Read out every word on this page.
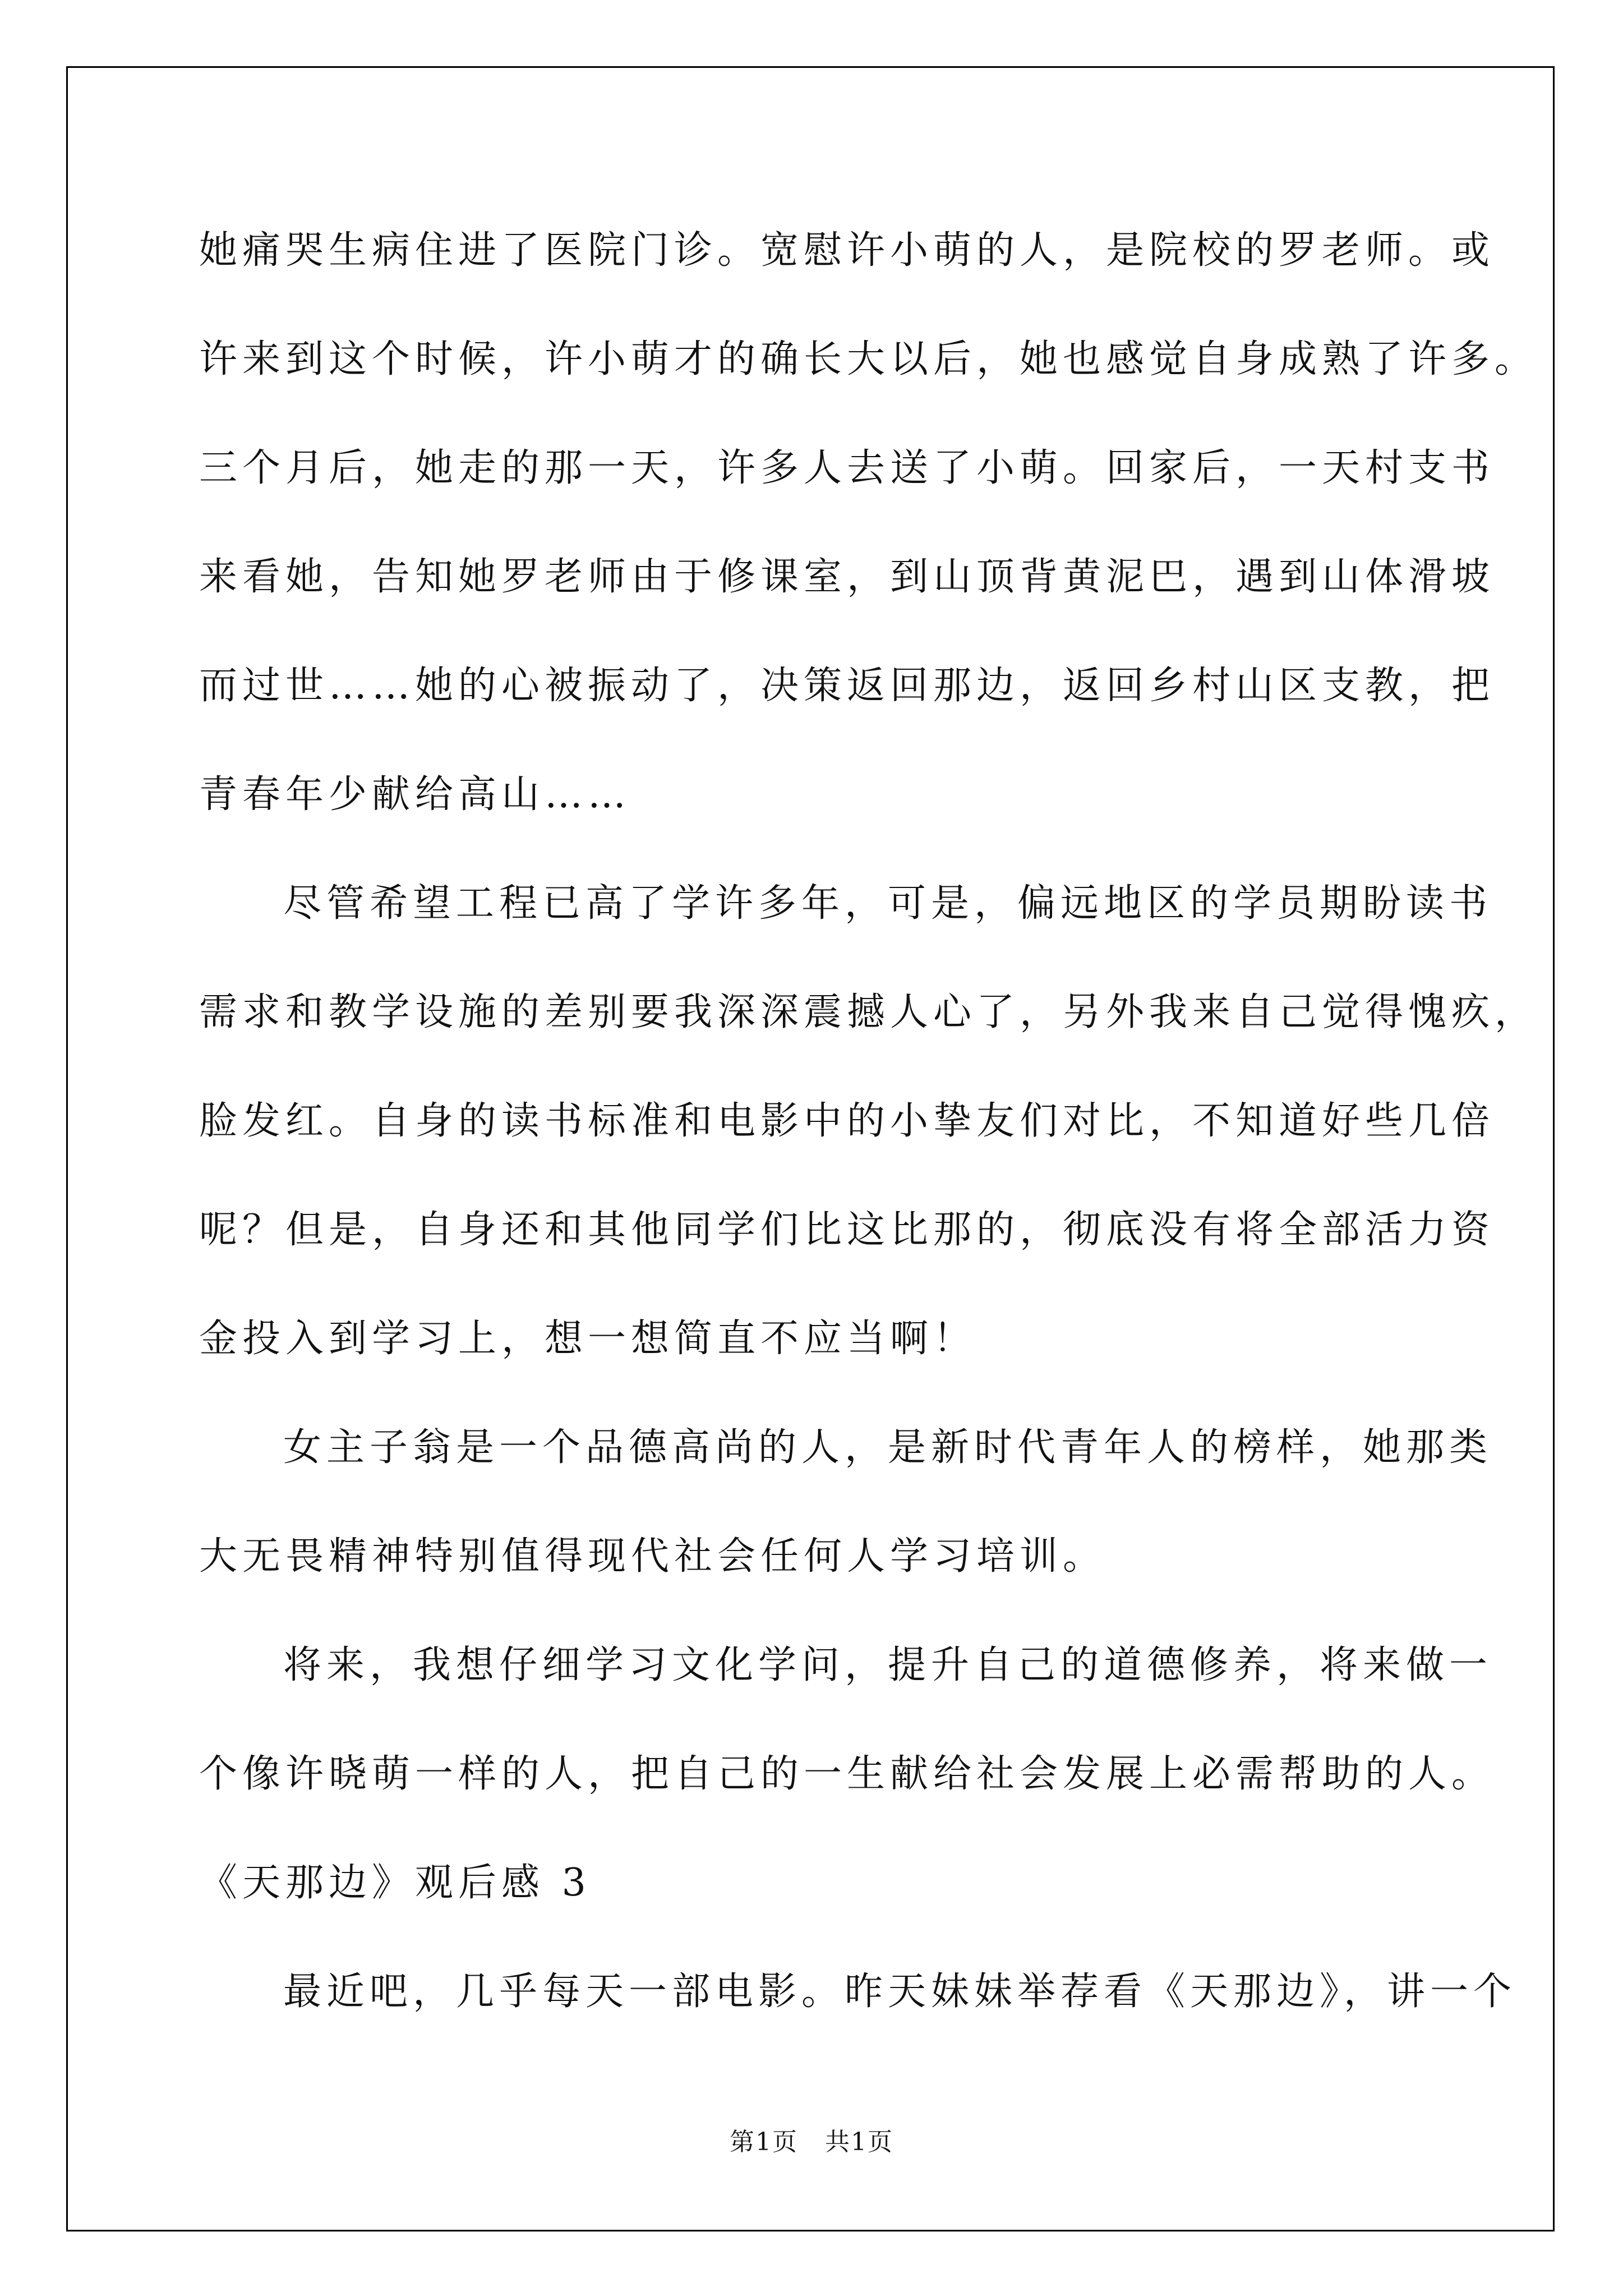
她痛哭生病住进了医院门诊。宽慰许小萌的人，是院校的罗老师。或
许来到这个时候，许小萌才的确长大以后，她也感觉自身成熟了许多。
三个月后，她走的那一天，许多人去送了小萌。回家后，一天村支书
来看她，告知她罗老师由于修课室，到山顶背黄泥巴，遇到山体滑坡
而过世……她的心被振动了，决策返回那边，返回乡村山区支教，把
青春年少献给高山……
尽管希望工程已高了学许多年，可是，偏远地区的学员期盼读书
需求和教学设施的差别要我深深震撼人心了，另外我来自己觉得愧疚，
脸发红。自身的读书标准和电影中的小挚友们对比，不知道好些几倍
呢？但是，自身还和其他同学们比这比那的，彻底没有将全部活力资
金投入到学习上，想一想简直不应当啊！
女主子翁是一个品德高尚的人，是新时代青年人的榜样，她那类
大无畏精神特别值得现代社会任何人学习培训。
将来，我想仔细学习文化学问，提升自己的道德修养，将来做一
个像许晓萌一样的人，把自己的一生献给社会发展上必需帮助的人。
《天那边》观后感 3
最近吧，几乎每天一部电影。昨天妹妹举荐看《天那边》，讲一个
第1页   共1页
